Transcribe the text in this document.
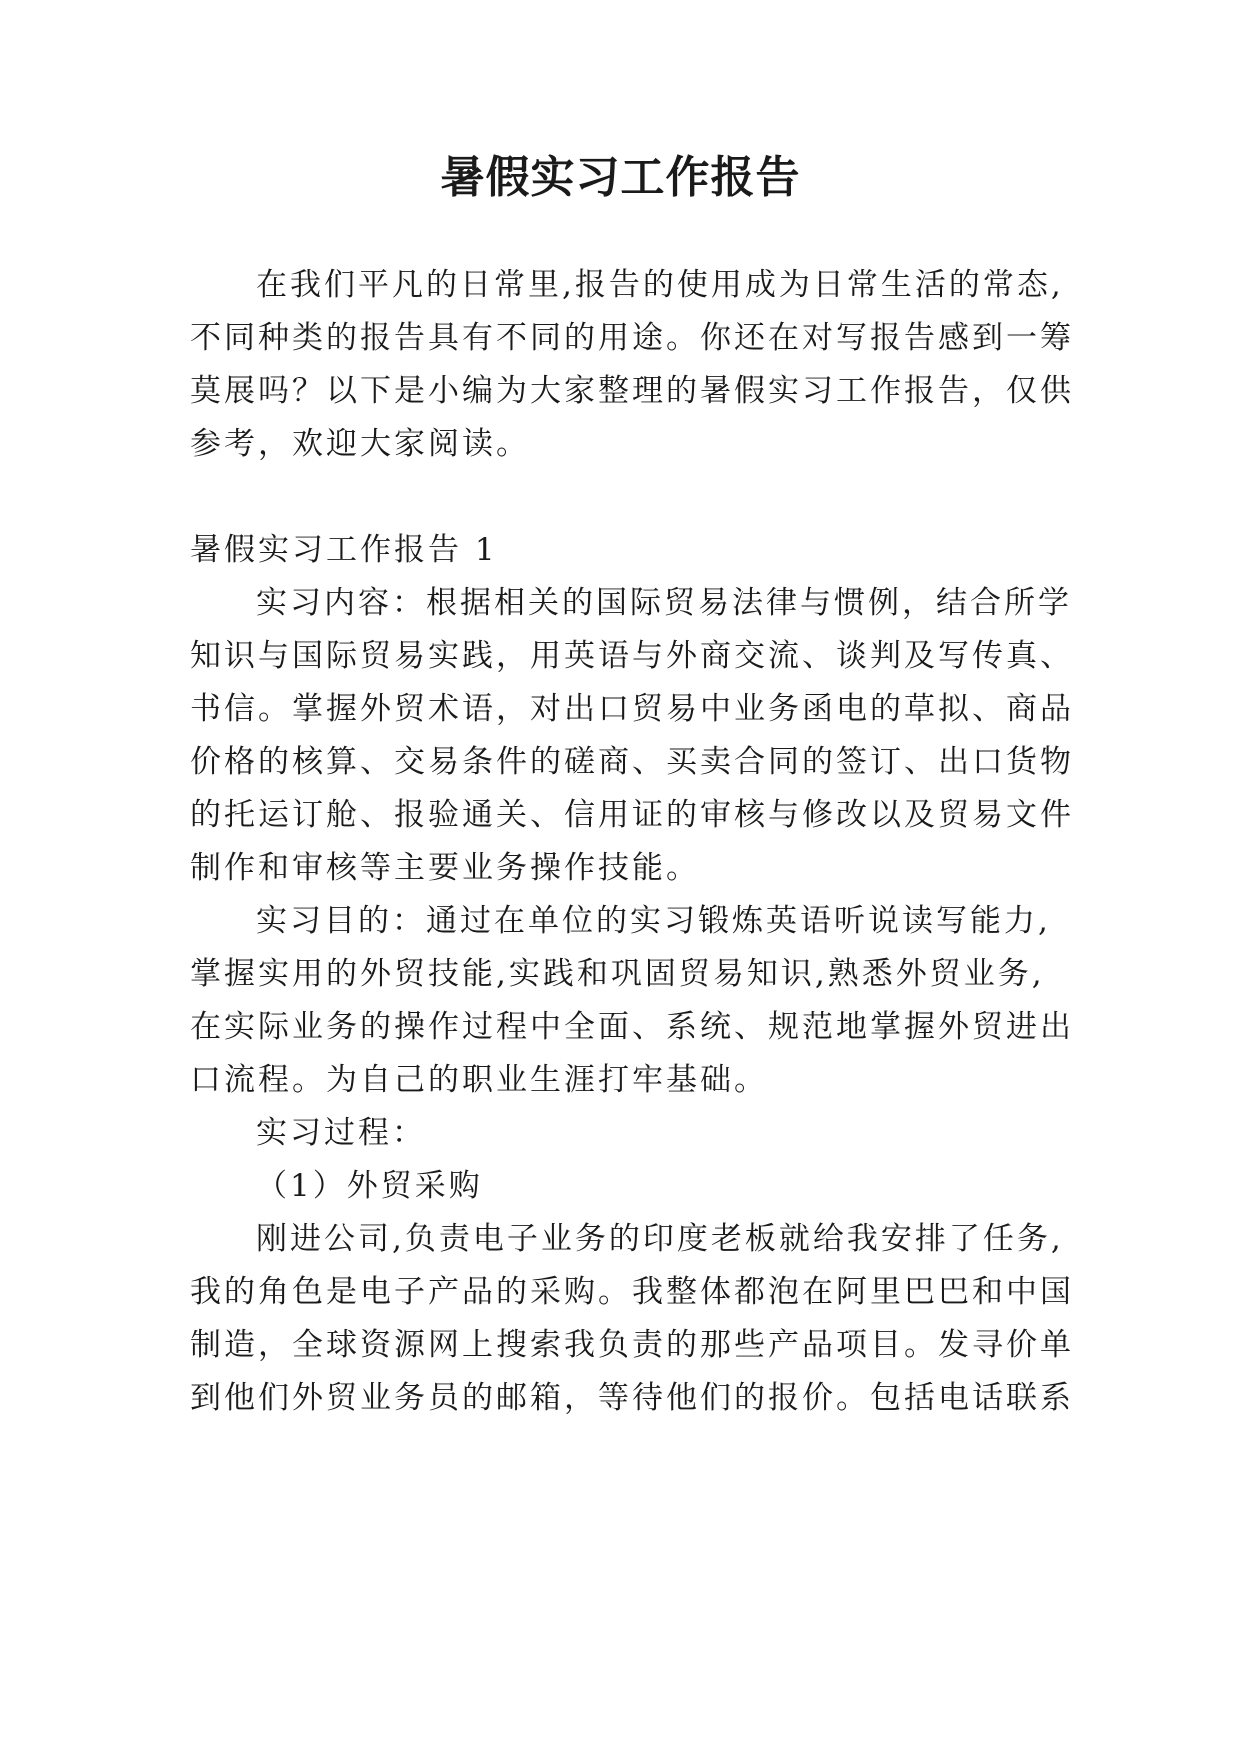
暑假实习工作报告
在我们平凡的日常里,报告的使用成为日常生活的常态,
不同种类的报告具有不同的用途。你还在对写报告感到一筹
莫展吗？以下是小编为大家整理的暑假实习工作报告，仅供
参考，欢迎大家阅读。
暑假实习工作报告 1
实习内容：根据相关的国际贸易法律与惯例，结合所学
知识与国际贸易实践，用英语与外商交流、谈判及写传真、
书信。掌握外贸术语，对出口贸易中业务函电的草拟、商品
价格的核算、交易条件的磋商、买卖合同的签订、出口货物
的托运订舱、报验通关、信用证的审核与修改以及贸易文件
制作和审核等主要业务操作技能。
实习目的：通过在单位的实习锻炼英语听说读写能力,
掌握实用的外贸技能,实践和巩固贸易知识,熟悉外贸业务,
在实际业务的操作过程中全面、系统、规范地掌握外贸进出
口流程。为自己的职业生涯打牢基础。
实习过程：
（1）外贸采购
刚进公司,负责电子业务的印度老板就给我安排了任务,
我的角色是电子产品的采购。我整体都泡在阿里巴巴和中国
制造，全球资源网上搜索我负责的那些产品项目。发寻价单
到他们外贸业务员的邮箱，等待他们的报价。包括电话联系
